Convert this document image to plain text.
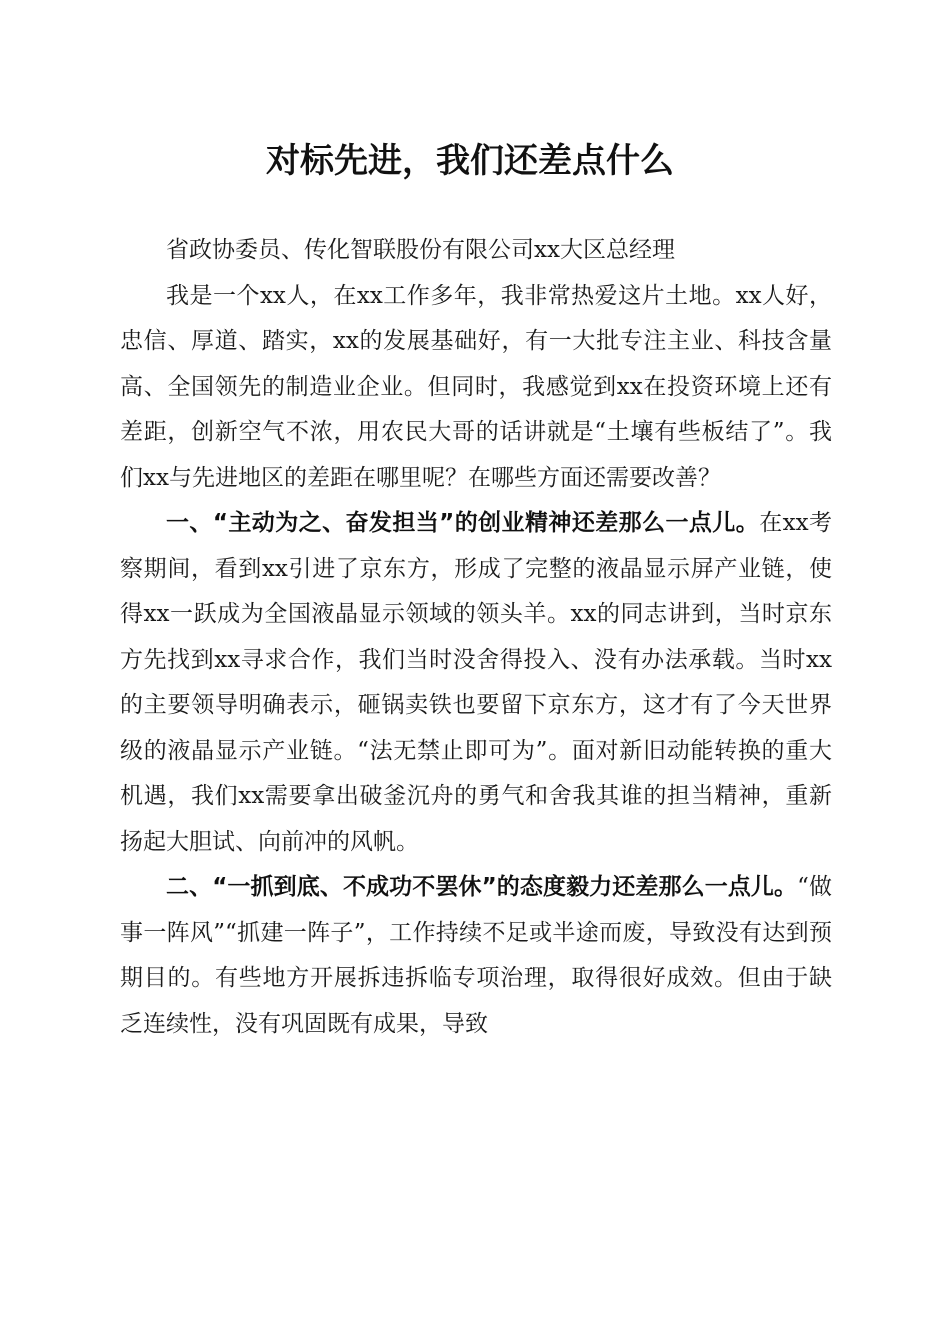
对标先进，我们还差点什么

省政协委员、传化智联股份有限公司xx大区总经理

我是一个xx人，在xx工作多年，我非常热爱这片土地。xx人好，忠信、厚道、踏实，xx的发展基础好，有一大批专注主业、科技含量高、全国领先的制造业企业。但同时，我感觉到xx在投资环境上还有差距，创新空气不浓，用农民大哥的话讲就是“土壤有些板结了”。我们xx与先进地区的差距在哪里呢？在哪些方面还需要改善？

一、“主动为之、奋发担当”的创业精神还差那么一点儿。在xx考察期间，看到xx引进了京东方，形成了完整的液晶显示屏产业链，使得xx一跃成为全国液晶显示领域的领头羊。xx的同志讲到，当时京东方先找到xx寻求合作，我们当时没舍得投入、没有办法承载。当时xx的主要领导明确表示，砸锅卖铁也要留下京东方，这才有了今天世界级的液晶显示产业链。“法无禁止即可为”。面对新旧动能转换的重大机遇，我们xx需要拿出破釜沉舟的勇气和舍我其谁的担当精神，重新扬起大胆试、向前冲的风帆。

二、“一抓到底、不成功不罢休”的态度毅力还差那么一点儿。“做事一阵风”“抓建一阵子”，工作持续不足或半途而废，导致没有达到预期目的。有些地方开展拆违拆临专项治理，取得很好成效。但由于缺乏连续性，没有巩固既有成果，导致
